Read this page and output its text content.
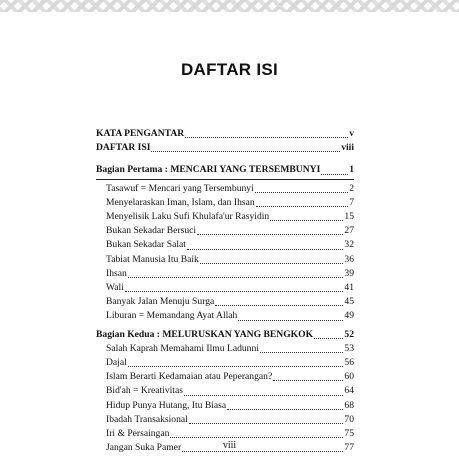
DAFTAR ISI
KATA PENGANTAR	v
DAFTAR ISI	viii
Bagian Pertama : MENCARI YANG TERSEMBUNYI	1
Tasawuf = Mencari yang Tersembunyi	2
Menyelaraskan Iman, Islam, dan Ihsan	7
Menyelisik Laku Sufi Khulafa'ur Rasyidin	15
Bukan Sekadar Bersuci	27
Bukan Sekadar Salat	32
Tabiat Manusia Itu Baik	36
Ihsan	39
Wali	41
Banyak Jalan Menuju Surga	45
Liburan = Memandang Ayat Allah	49
Bagian Kedua : MELURUSKAN YANG BENGKOK	52
Salah Kaprah Memahami Ilmu Ladunni	53
Dajal	56
Islam Berarti Kedamaian atau Peperangan?	60
Bid'ah = Kreativitas	64
Hidup Punya Hutang, Itu Biasa	68
Ibadah Transaksional	70
Iri & Persaingan	75
Jangan Suka Pamer	77
viii
